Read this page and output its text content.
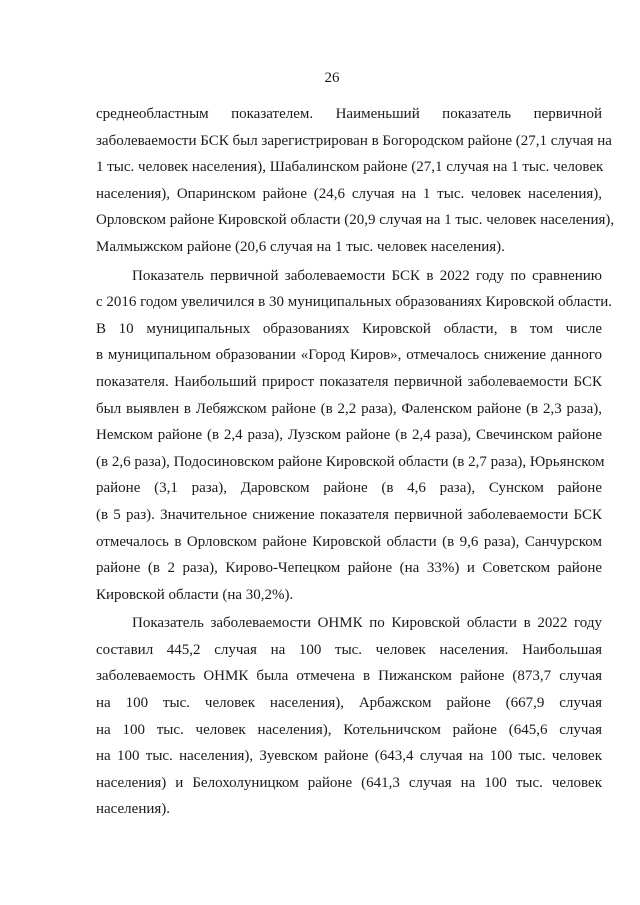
26
среднеобластным показателем. Наименьший показатель первичной
заболеваемости БСК был зарегистрирован в Богородском районе (27,1 случая на
1 тыс. человек населения), Шабалинском районе (27,1 случая на 1 тыс. человек
населения), Опаринском районе (24,6 случая на 1 тыс. человек населения),
Орловском районе Кировской области (20,9 случая на 1 тыс. человек населения),
Малмыжском районе (20,6 случая на 1 тыс. человек населения).
Показатель первичной заболеваемости БСК в 2022 году по сравнению
с 2016 годом увеличился в 30 муниципальных образованиях Кировской области.
В 10 муниципальных образованиях Кировской области, в том числе
в муниципальном образовании «Город Киров», отмечалось снижение данного
показателя. Наибольший прирост показателя первичной заболеваемости БСК
был выявлен в Лебяжском районе (в 2,2 раза), Фаленском районе (в 2,3 раза),
Немском районе (в 2,4 раза), Лузском районе (в 2,4 раза), Свечинском районе
(в 2,6 раза), Подосиновском районе Кировской области (в 2,7 раза), Юрьянском
районе (3,1 раза), Даровском районе (в 4,6 раза), Сунском районе
(в 5 раз). Значительное снижение показателя первичной заболеваемости БСК
отмечалось в Орловском районе Кировской области (в 9,6 раза), Санчурском
районе (в 2 раза), Кирово-Чепецком районе (на 33%) и Советском районе
Кировской области (на 30,2%).
Показатель заболеваемости ОНМК по Кировской области в 2022 году
составил 445,2 случая на 100 тыс. человек населения. Наибольшая
заболеваемость ОНМК была отмечена в Пижанском районе (873,7 случая
на 100 тыс. человек населения), Арбажском районе (667,9 случая
на 100 тыс. человек населения), Котельничском районе (645,6 случая
на 100 тыс. населения), Зуевском районе (643,4 случая на 100 тыс. человек
населения) и Белохолуницком районе (641,3 случая на 100 тыс. человек
населения).
